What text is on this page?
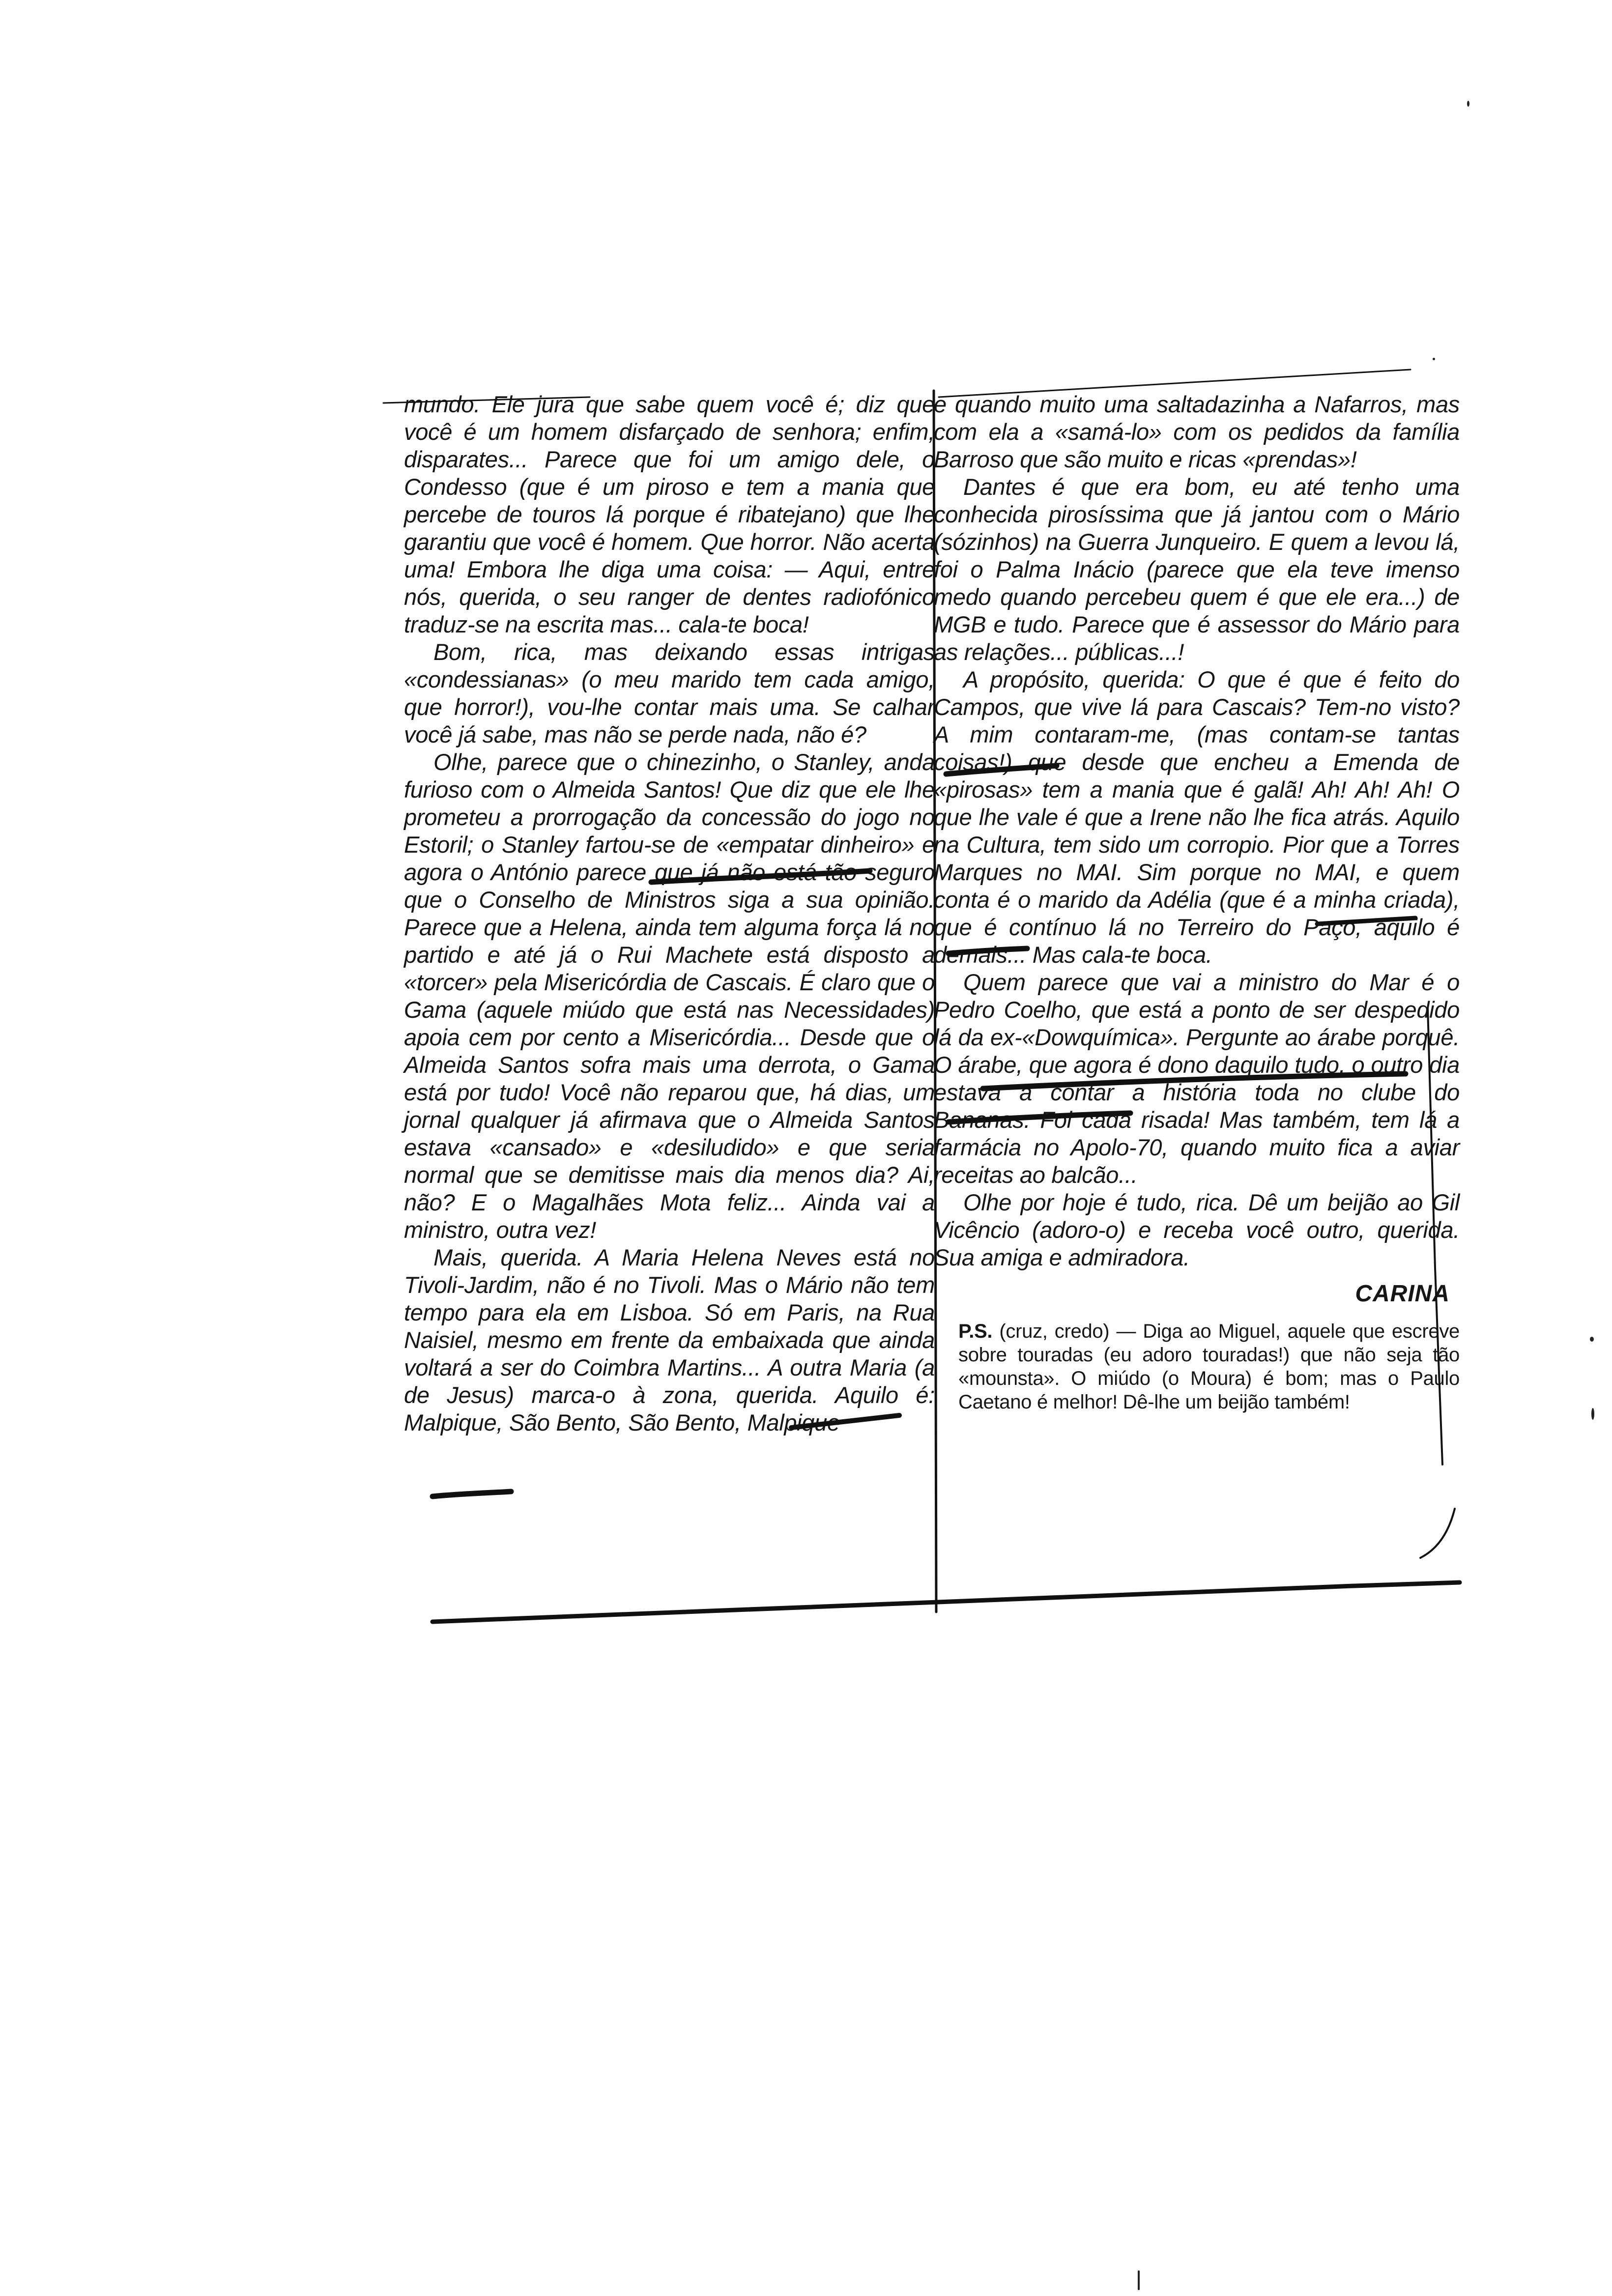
mundo. Ele jura que sabe quem você é; diz que você é um homem disfarçado de senhora; enfim, disparates... Parece que foi um amigo dele, o Condesso (que é um piroso e tem a mania que percebe de touros lá porque é ribatejano) que lhe garantiu que você é homem. Que horror. Não acerta uma! Embora lhe diga uma coisa: — Aqui, entre nós, querida, o seu ranger de dentes radiofónico traduz-se na escrita mas... cala-te boca!

Bom, rica, mas deixando essas intrigas «condessianas» (o meu marido tem cada amigo, que horror!), vou-lhe contar mais uma. Se calhar você já sabe, mas não se perde nada, não é?

Olhe, parece que o chinezinho, o Stanley, anda furioso com o Almeida Santos! Que diz que ele lhe prometeu a prorrogação da concessão do jogo no Estoril; o Stanley fartou-se de «empatar dinheiro» e agora o António parece que já não está tão seguro que o Conselho de Ministros siga a sua opinião. Parece que a Helena, ainda tem alguma força lá no partido e até já o Rui Machete está disposto a «torcer» pela Misericórdia de Cascais. É claro que o Gama (aquele miúdo que está nas Necessidades) apoia cem por cento a Misericórdia... Desde que o Almeida Santos sofra mais uma derrota, o Gama está por tudo! Você não reparou que, há dias, um jornal qualquer já afirmava que o Almeida Santos estava «cansado» e «desiludido» e que seria normal que se demitisse mais dia menos dia? Ai, não? E o Magalhães Mota feliz... Ainda vai a ministro, outra vez!

Mais, querida. A Maria Helena Neves está no Tivoli-Jardim, não é no Tivoli. Mas o Mário não tem tempo para ela em Lisboa. Só em Paris, na Rua Naisiel, mesmo em frente da embaixada que ainda voltará a ser do Coimbra Martins... A outra Maria (a de Jesus) marca-o à zona, querida. Aquilo é: Malpique, São Bento, São Bento, Malpique

e quando muito uma saltadazinha a Nafarros, mas com ela a «samá-lo» com os pedidos da família Barroso que são muito e ricas «prendas»!

Dantes é que era bom, eu até tenho uma conhecida pirosíssima que já jantou com o Mário (sózinhos) na Guerra Junqueiro. E quem a levou lá, foi o Palma Inácio (parece que ela teve imenso medo quando percebeu quem é que ele era...) de MGB e tudo. Parece que é assessor do Mário para as relações... públicas...!

A propósito, querida: O que é que é feito do Campos, que vive lá para Cascais? Tem-no visto? A mim contaram-me, (mas contam-se tantas coisas!) que desde que encheu a Emenda de «pirosas» tem a mania que é galã! Ah! Ah! Ah! O que lhe vale é que a Irene não lhe fica atrás. Aquilo na Cultura, tem sido um corropio. Pior que a Torres Marques no MAI. Sim porque no MAI, e quem conta é o marido da Adélia (que é a minha criada), que é contínuo lá no Terreiro do Paço, aquilo é demais... Mas cala-te boca.

Quem parece que vai a ministro do Mar é o Pedro Coelho, que está a ponto de ser despedido lá da ex-«Dowquímica». Pergunte ao árabe porquê. O árabe, que agora é dono daquilo tudo, o outro dia estava a contar a história toda no clube do Bananas. Foi cada risada! Mas também, tem lá a farmácia no Apolo-70, quando muito fica a aviar receitas ao balcão...

Olhe por hoje é tudo, rica. Dê um beijão ao Gil Vicêncio (adoro-o) e receba você outro, querida. Sua amiga e admiradora.

CARINA
P.S. (cruz, credo) — Diga ao Miguel, aquele que escreve sobre touradas (eu adoro touradas!) que não seja tão «mounsta». O miúdo (o Moura) é bom; mas o Paulo Caetano é melhor! Dê-lhe um beijão também!
